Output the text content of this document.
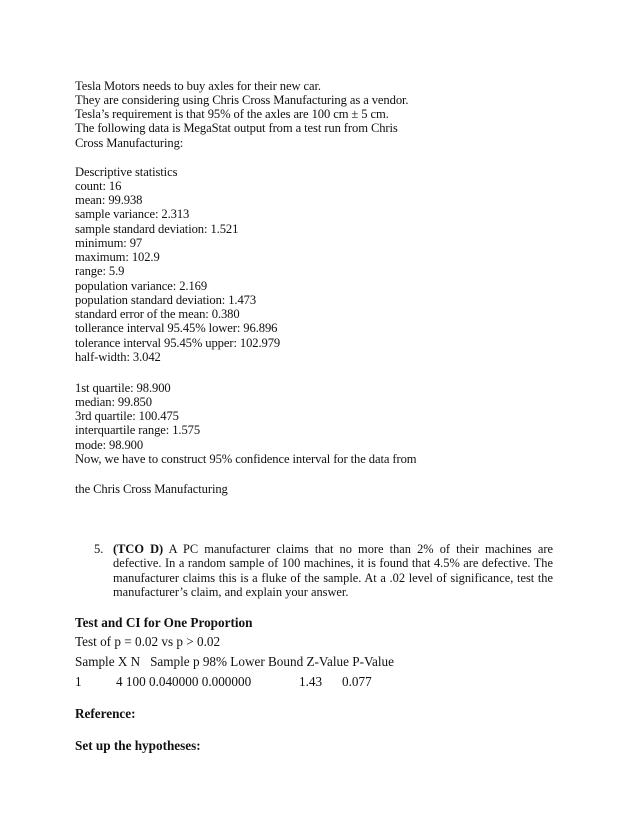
Tesla Motors needs to buy axles for their new car.
They are considering using Chris Cross Manufacturing as a vendor.
Tesla’s requirement is that 95% of the axles are 100 cm ± 5 cm.
The following data is MegaStat output from a test run from Chris
Cross Manufacturing:
Descriptive statistics
count: 16
mean: 99.938
sample variance: 2.313
sample standard deviation: 1.521
minimum: 97
maximum: 102.9
range: 5.9
population variance: 2.169
population standard deviation: 1.473
standard error of the mean: 0.380
tollerance interval 95.45% lower: 96.896
tolerance interval 95.45% upper: 102.979
half-width: 3.042
1st quartile: 98.900
median: 99.850
3rd quartile: 100.475
interquartile range: 1.575
mode: 98.900
Now, we have to construct 95% confidence interval for the data from
the Chris Cross Manufacturing
5. (TCO D) A PC manufacturer claims that no more than 2% of their machines are defective. In a random sample of 100 machines, it is found that 4.5% are defective. The manufacturer claims this is a fluke of the sample. At a .02 level of significance, test the manufacturer’s claim, and explain your answer.
Test and CI for One Proportion
Test of p = 0.02 vs p > 0.02
Sample X N   Sample p 98% Lower Bound Z-Value P-Value
1	4 100 0.040000 0.000000	1.43 0.077
Reference:
Set up the hypotheses:
